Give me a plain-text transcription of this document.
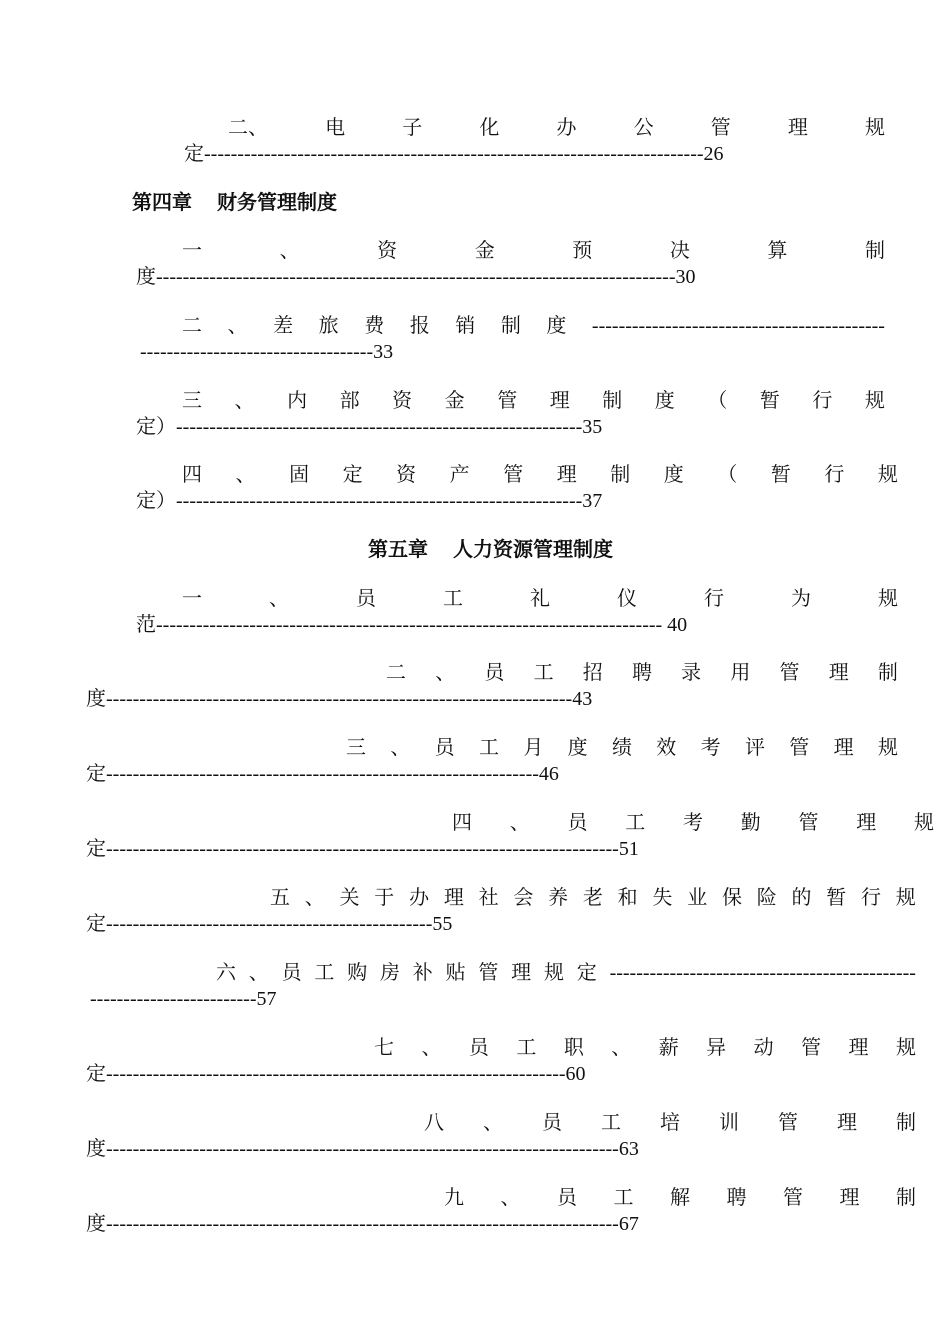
二、	电	子	化	办	公	管	理	规
定---------------------------------------------------------------------------26
第四章　 财务管理制度
一	、	资	金	预	决	算	制
度------------------------------------------------------------------------------30
二 、 差 旅 费 报 销 制 度 --------------------------------------------
-----------------------------------33
三 、 内 部 资 金 管 理 制 度 （ 暂 行 规
定）-------------------------------------------------------------35
四 、 固 定 资 产 管 理 制 度 （ 暂 行 规
定）-------------------------------------------------------------37
第五章　 人力资源管理制度
一	、	员	工	礼	仪	行	为	规
范---------------------------------------------------------------------------- 40
二 、 员 工 招 聘 录 用 管 理 制
度----------------------------------------------------------------------43
三 、 员 工 月 度 绩 效 考 评 管 理 规
定-----------------------------------------------------------------46
四 、 员 工 考 勤 管 理 规
定-----------------------------------------------------------------------------51
五 、 关 于 办 理 社 会 养 老 和 失 业 保 险 的 暂 行 规
定-------------------------------------------------55
六 、 员 工 购 房 补 贴 管 理 规 定 ----------------------------------------------
-------------------------57
七 、 员 工 职 、 薪 异 动 管 理 规
定---------------------------------------------------------------------60
八 、 员 工 培 训 管 理 制
度-----------------------------------------------------------------------------63
九 、 员 工 解 聘 管 理 制
度-----------------------------------------------------------------------------67
